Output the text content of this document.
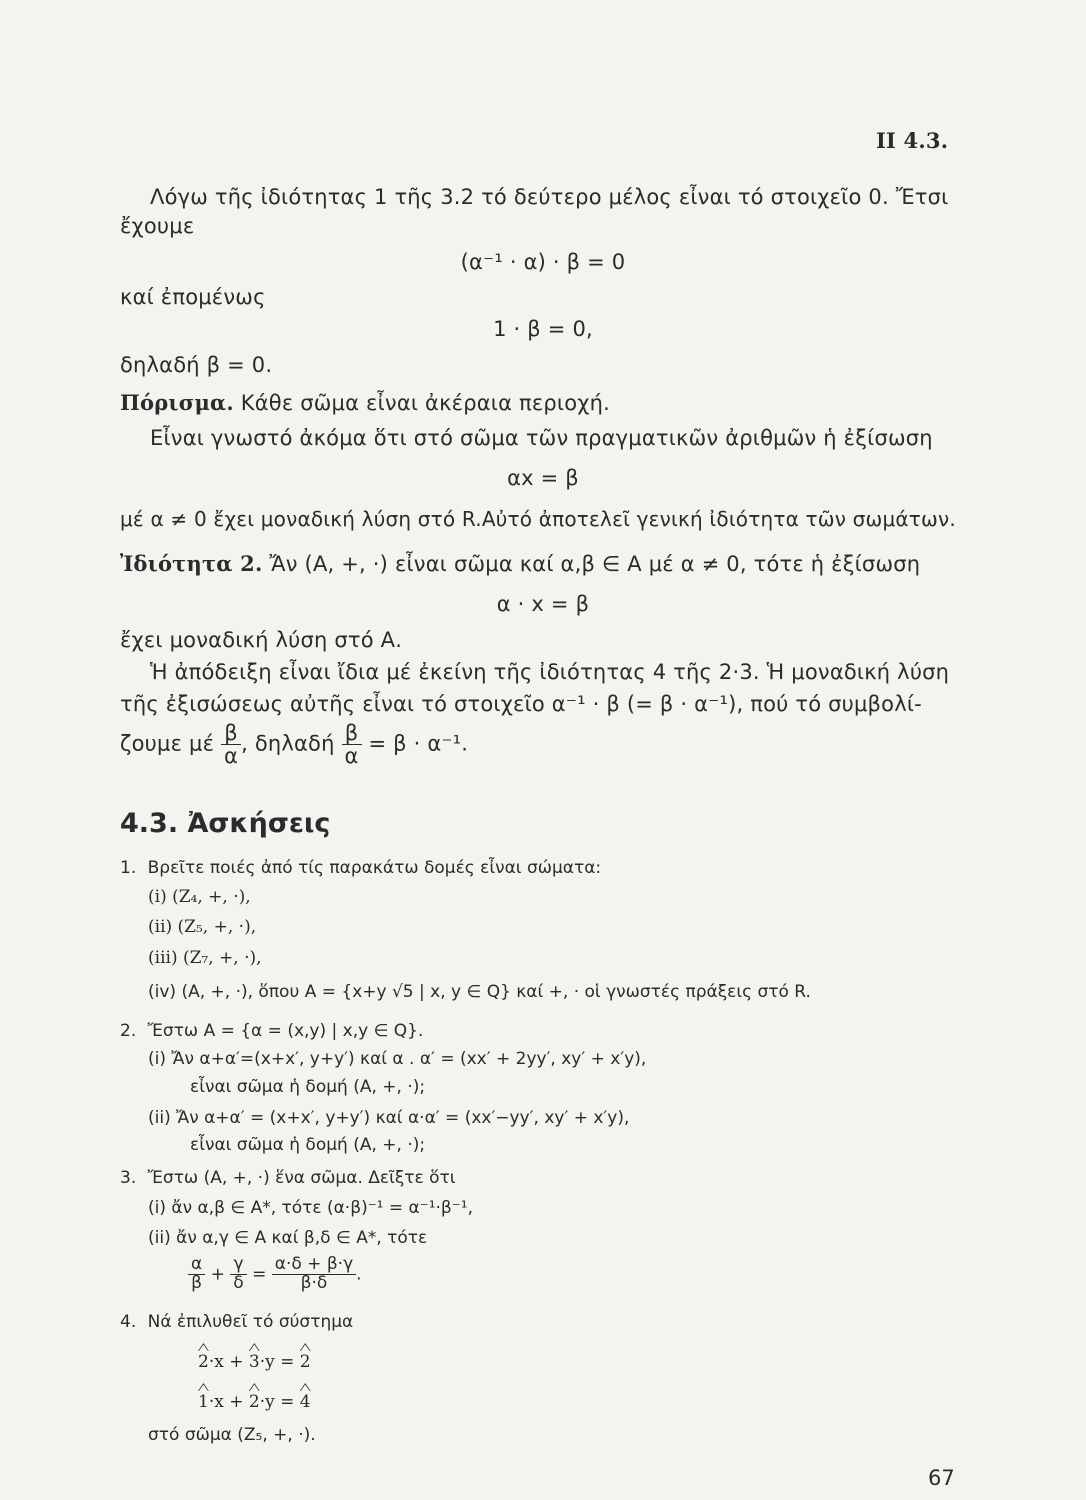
II 4.3.
Λόγω τῆς ἰδιότητας 1 τῆς 3.2 τό δεύτερο μέλος εἶναι τό στοιχεῖο 0. Ἔτσι
ἔχουμε
(α⁻¹ · α) · β = 0
καί ἐπομένως
1 · β = 0,
δηλαδή β = 0.
Πόρισμα. Κάθε σῶμα εἶναι ἀκέραια περιοχή.
Εἶναι γνωστό ἀκόμα ὅτι στό σῶμα τῶν πραγματικῶν ἀριθμῶν ἡ ἐξίσωση
αx = β
μέ α ≠ 0 ἔχει μοναδική λύση στό R.Αὐτό ἀποτελεῖ γενική ἰδιότητα τῶν σωμάτων.
Ἰδιότητα 2. Ἄν (Α, +, ·) εἶναι σῶμα καί α,β ∈ Α μέ α ≠ 0, τότε ἡ ἐξίσωση
α · x = β
ἔχει μοναδική λύση στό Α.
Ἡ ἀπόδειξη εἶναι ἴδια μέ ἐκείνη τῆς ἰδιότητας 4 τῆς 2·3. Ἡ μοναδική λύση
τῆς ἐξισώσεως αὐτῆς εἶναι τό στοιχεῖο α⁻¹ · β (= β · α⁻¹), πού τό συμβολί-
ζουμε μέ $\frac{\beta}{\alpha}$ , δηλαδή $\frac{\beta}{\alpha} = \beta \cdot \alpha^{-1}$.
4.3. Ἀσκήσεις
1. Βρεῖτε ποιές ἀπό τίς παρακάτω δομές εἶναι σώματα:
(i) (Z₄, +, ·),
(ii) (Z₅, +, ·),
(iii) (Z₇, +, ·),
(iv) (Α, +, ·), ὅπου Α = {x+y √5 | x, y ∈ Q} καί +, · οἱ γνωστές πράξεις στό R.
2. Ἔστω Α = {α = (x,y) | x,y ∈ Q}.
(i) Ἄν α+α′=(x+x′, y+y′) καί α . α′ = (xx′ + 2yy′, xy′ + x′y),
εἶναι σῶμα ἡ δομή (Α, +, ·);
(ii) Ἄν α+α′ = (x+x′, y+y′) καί α·α′ = (xx′−yy′, xy′ + x′y),
εἶναι σῶμα ἡ δομή (Α, +, ·);
3. Ἔστω (Α, +, ·) ἕνα σῶμα. Δεῖξτε ὅτι
(i) ἄν α,β ∈ Α*, τότε (α·β)⁻¹ = α⁻¹·β⁻¹,
(ii) ἄν α,γ ∈ Α καί β,δ ∈ Α*, τότε
$\frac{\alpha}{\beta} + \frac{\gamma}{\delta} = \frac{\alpha\cdot\delta + \beta\cdot\gamma}{\beta\cdot\delta}$ .
4. Νά ἐπιλυθεῖ τό σύστημα
2·x + 3·y = 2
1·x + 2·y = 4
στό σῶμα (Z₅, +, ·).
67
